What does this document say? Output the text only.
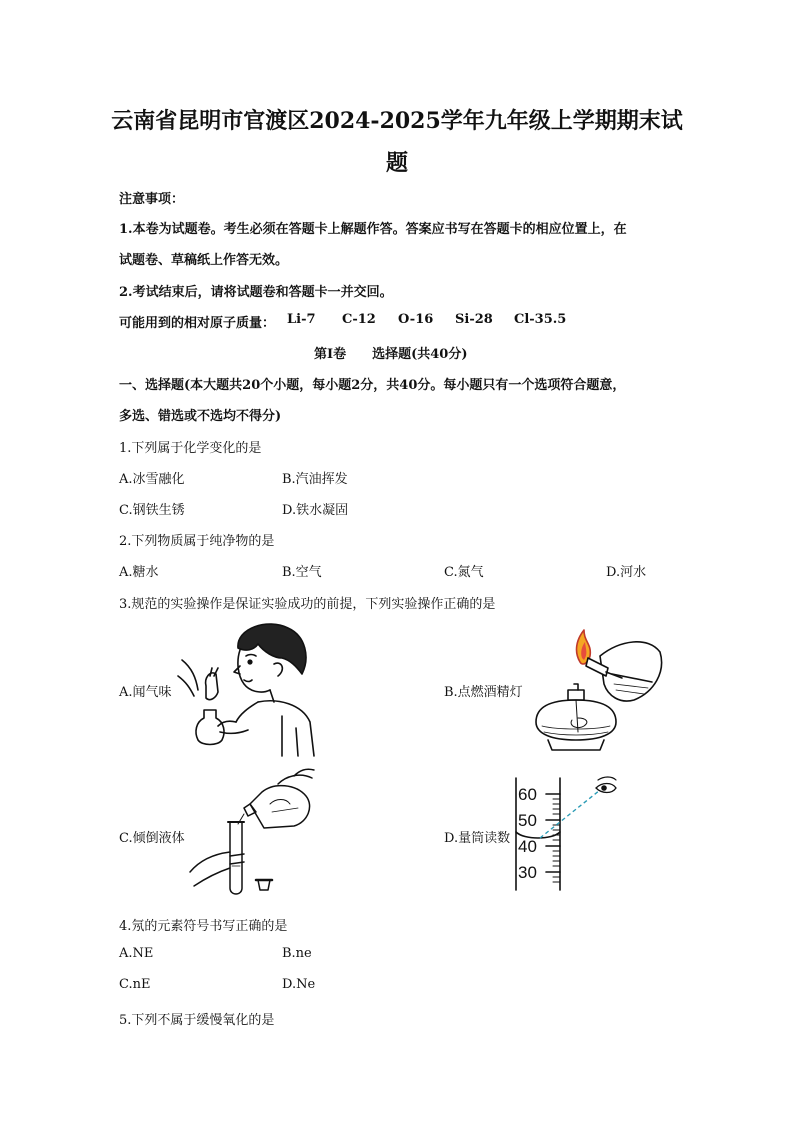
云南省昆明市官渡区2024-2025学年九年级上学期期末试
题
注意事项：
1.本卷为试题卷。考生必须在答题卡上解题作答。答案应书写在答题卡的相应位置上，在
试题卷、草稿纸上作答无效。
2.考试结束后，请将试题卷和答题卡一并交回。
可能用到的相对原子质量： Li-7 C-12 O-16 Si-28 Cl-35.5
第Ⅰ卷　　选择题(共40分)
一、选择题(本大题共20个小题，每小题2分，共40分。每小题只有一个选项符合题意，
多选、错选或不选均不得分)
1.下列属于化学变化的是
A.冰雪融化	B.汽油挥发
C.钢铁生锈	D.铁水凝固
2.下列物质属于纯净物的是
A.糖水	B.空气	C.氮气	D.河水
3.规范的实验操作是保证实验成功的前提，下列实验操作正确的是
A.闻气味	B.点燃酒精灯
C.倾倒液体	D.量筒读数
60
50
40
30
4.氖的元素符号书写正确的是
A.NE	B.ne
C.nE	D.Ne
5.下列不属于缓慢氧化的是
